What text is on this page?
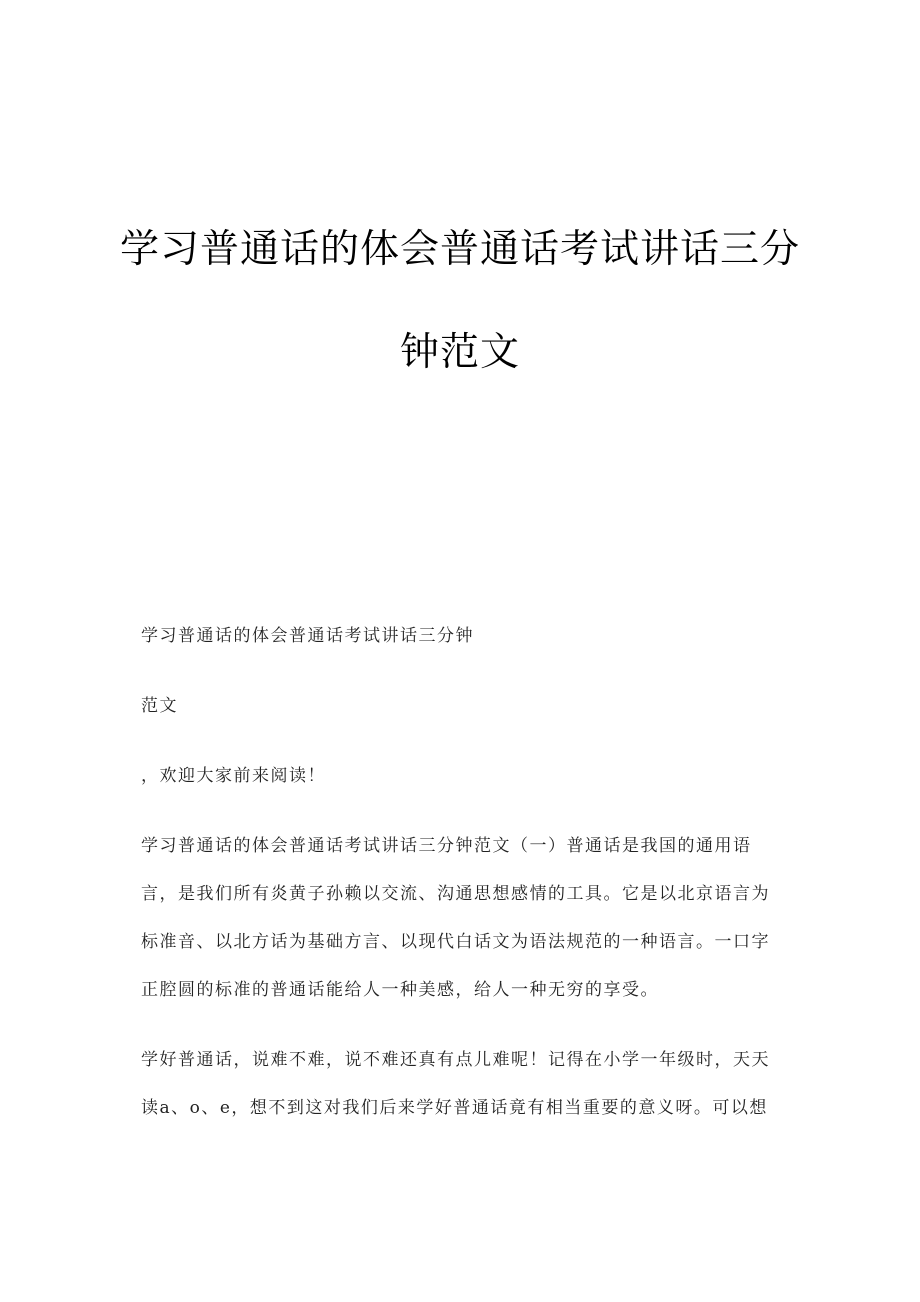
学习普通话的体会普通话考试讲话三分
钟范文
学习普通话的体会普通话考试讲话三分钟
范文
，欢迎大家前来阅读！
学习普通话的体会普通话考试讲话三分钟范文（一）普通话是我国的通用语
言，是我们所有炎黄子孙赖以交流、沟通思想感情的工具。它是以北京语言为
标准音、以北方话为基础方言、以现代白话文为语法规范的一种语言。一口字
正腔圆的标准的普通话能给人一种美感，给人一种无穷的享受。
学好普通话，说难不难，说不难还真有点儿难呢！记得在小学一年级时，天天
读a、o、e，想不到这对我们后来学好普通话竟有相当重要的意义呀。可以想
